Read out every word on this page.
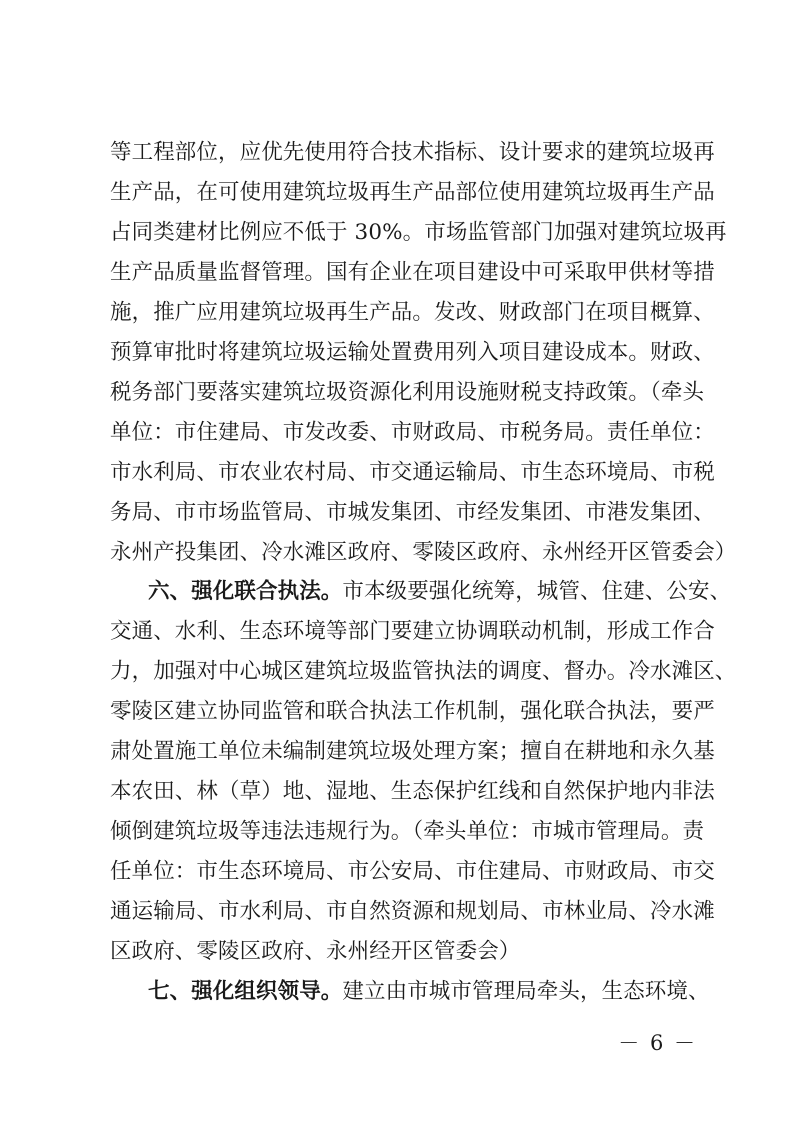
等工程部位，应优先使用符合技术指标、设计要求的建筑垃圾再
生产品，在可使用建筑垃圾再生产品部位使用建筑垃圾再生产品
占同类建材比例应不低于 30%。市场监管部门加强对建筑垃圾再
生产品质量监督管理。国有企业在项目建设中可采取甲供材等措
施，推广应用建筑垃圾再生产品。发改、财政部门在项目概算、
预算审批时将建筑垃圾运输处置费用列入项目建设成本。财政、
税务部门要落实建筑垃圾资源化利用设施财税支持政策。（牵头
单位：市住建局、市发改委、市财政局、市税务局。责任单位：
市水利局、市农业农村局、市交通运输局、市生态环境局、市税
务局、市市场监管局、市城发集团、市经发集团、市港发集团、
永州产投集团、冷水滩区政府、零陵区政府、永州经开区管委会）
六、强化联合执法。市本级要强化统筹，城管、住建、公安、
交通、水利、生态环境等部门要建立协调联动机制，形成工作合
力，加强对中心城区建筑垃圾监管执法的调度、督办。冷水滩区、
零陵区建立协同监管和联合执法工作机制，强化联合执法，要严
肃处置施工单位未编制建筑垃圾处理方案；擅自在耕地和永久基
本农田、林（草）地、湿地、生态保护红线和自然保护地内非法
倾倒建筑垃圾等违法违规行为。（牵头单位：市城市管理局。责
任单位：市生态环境局、市公安局、市住建局、市财政局、市交
通运输局、市水利局、市自然资源和规划局、市林业局、冷水滩
区政府、零陵区政府、永州经开区管委会）
七、强化组织领导。建立由市城市管理局牵头，生态环境、
－ 6 －
